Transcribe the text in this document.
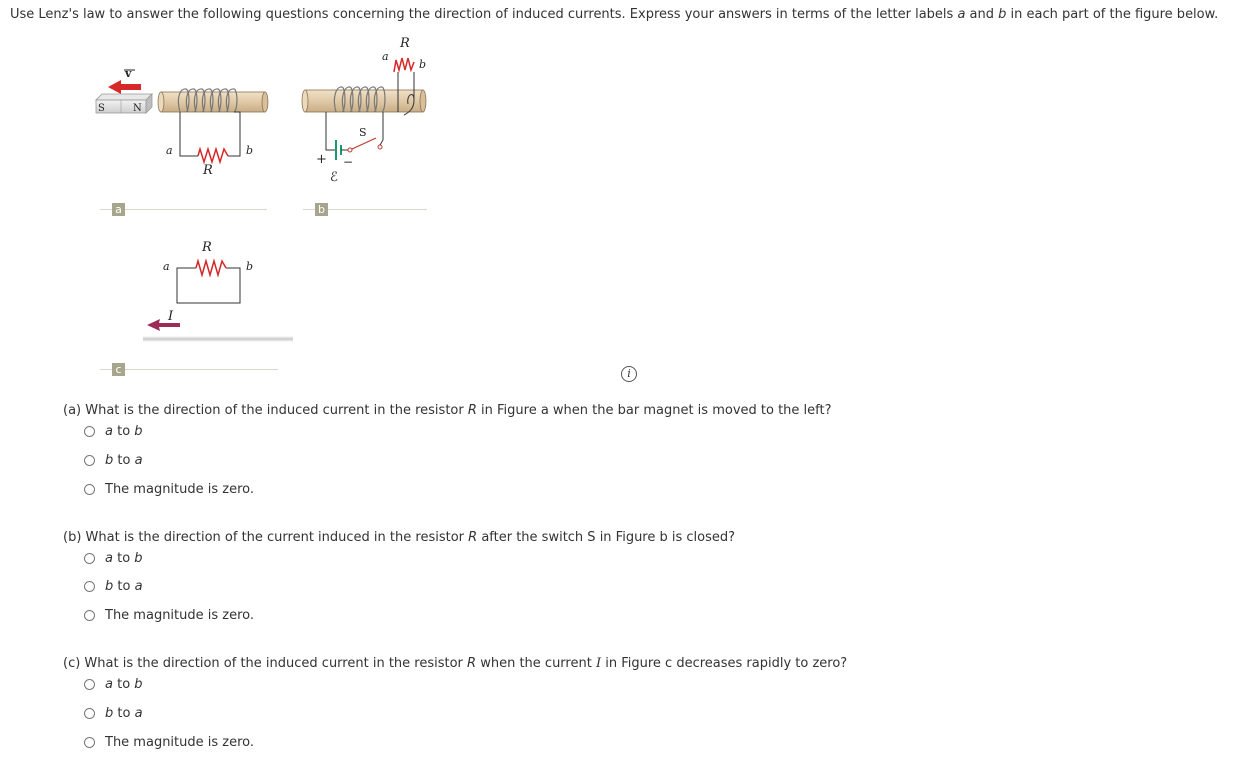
Use Lenz's law to answer the following questions concerning the direction of induced currents. Express your answers in terms of the letter labels a and b in each part of the figure below.
v
S	N
a	b
R
a
b
R
+ −
ℰ
S
a	b
R
I
a	b
c	i
(a) What is the direction of the induced current in the resistor R in Figure a when the bar magnet is moved to the left?
a to b
b to a
The magnitude is zero.
(b) What is the direction of the current induced in the resistor R after the switch S in Figure b is closed?
a to b
b to a
The magnitude is zero.
(c) What is the direction of the induced current in the resistor R when the current I in Figure c decreases rapidly to zero?
a to b
b to a
The magnitude is zero.
